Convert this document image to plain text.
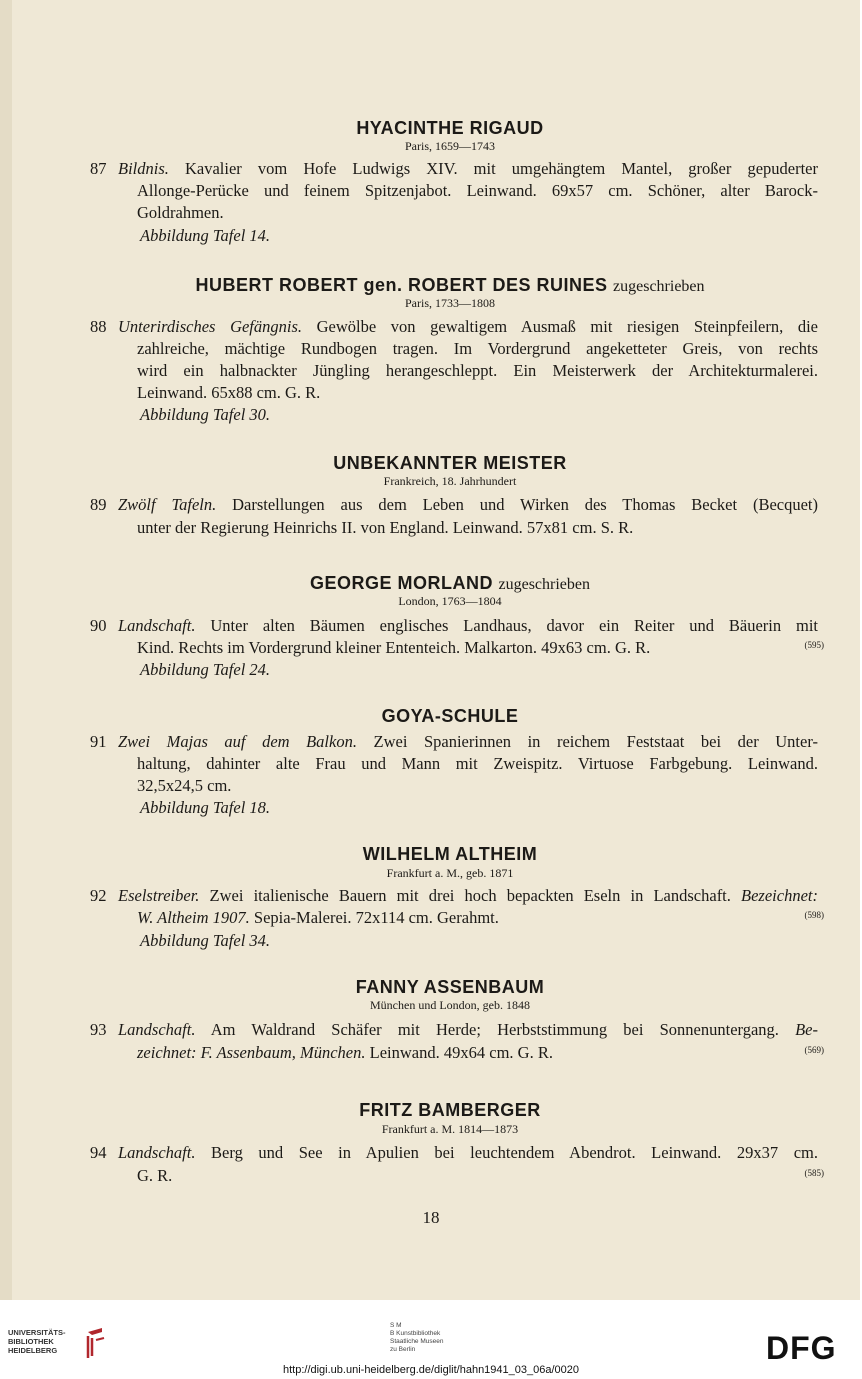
HYACINTHE RIGAUD
Paris, 1659—1743
87 Bildnis. Kavalier vom Hofe Ludwigs XIV. mit umgehängtem Mantel, großer gepuderter
Allonge-Perücke und feinem Spitzenjabot. Leinwand. 69x57 cm. Schöner, alter Barock-
Goldrahmen.
Abbildung Tafel 14.
HUBERT ROBERT gen. ROBERT DES RUINES zugeschrieben
Paris, 1733—1808
88 Unterirdisches Gefängnis. Gewölbe von gewaltigem Ausmaß mit riesigen Steinpfeilern, die
zahlreiche, mächtige Rundbogen tragen. Im Vordergrund angeketteter Greis, von rechts
wird ein halbnackter Jüngling herangeschleppt. Ein Meisterwerk der Architekturmalerei.
Leinwand. 65x88 cm. G. R.
Abbildung Tafel 30.
UNBEKANNTER MEISTER
Frankreich, 18. Jahrhundert
89 Zwölf Tafeln. Darstellungen aus dem Leben und Wirken des Thomas Becket (Becquet)
unter der Regierung Heinrichs II. von England. Leinwand. 57x81 cm. S. R.
GEORGE MORLAND zugeschrieben
London, 1763—1804
90 Landschaft. Unter alten Bäumen englisches Landhaus, davor ein Reiter und Bäuerin mit
Kind. Rechts im Vordergrund kleiner Ententeich. Malkarton. 49x63 cm. G. R.	(595)
Abbildung Tafel 24.
GOYA-SCHULE
91 Zwei Majas auf dem Balkon. Zwei Spanierinnen in reichem Feststaat bei der Unter-
haltung, dahinter alte Frau und Mann mit Zweispitz. Virtuose Farbgebung. Leinwand.
32,5x24,5 cm.
Abbildung Tafel 18.
WILHELM ALTHEIM
Frankfurt a. M., geb. 1871
92 Eselstreiber. Zwei italienische Bauern mit drei hoch bepackten Eseln in Landschaft. Bezeichnet:
W. Altheim 1907. Sepia-Malerei. 72x114 cm. Gerahmt.	(598)
Abbildung Tafel 34.
FANNY ASSENBAUM
München und London, geb. 1848
93 Landschaft. Am Waldrand Schäfer mit Herde; Herbststimmung bei Sonnenuntergang. Be-
zeichnet: F. Assenbaum, München. Leinwand. 49x64 cm. G. R.	(569)
FRITZ BAMBERGER
Frankfurt a. M. 1814—1873
94 Landschaft. Berg und See in Apulien bei leuchtendem Abendrot. Leinwand. 29x37 cm.
G. R.	(585)
18
UNIVERSITÄTS-
BIBLIOTHEK
HEIDELBERG
S M
B Kunstbibliothek
Staatliche Museen
zu Berlin	DFG
http://digi.ub.uni-heidelberg.de/diglit/hahn1941_03_06a/0020
